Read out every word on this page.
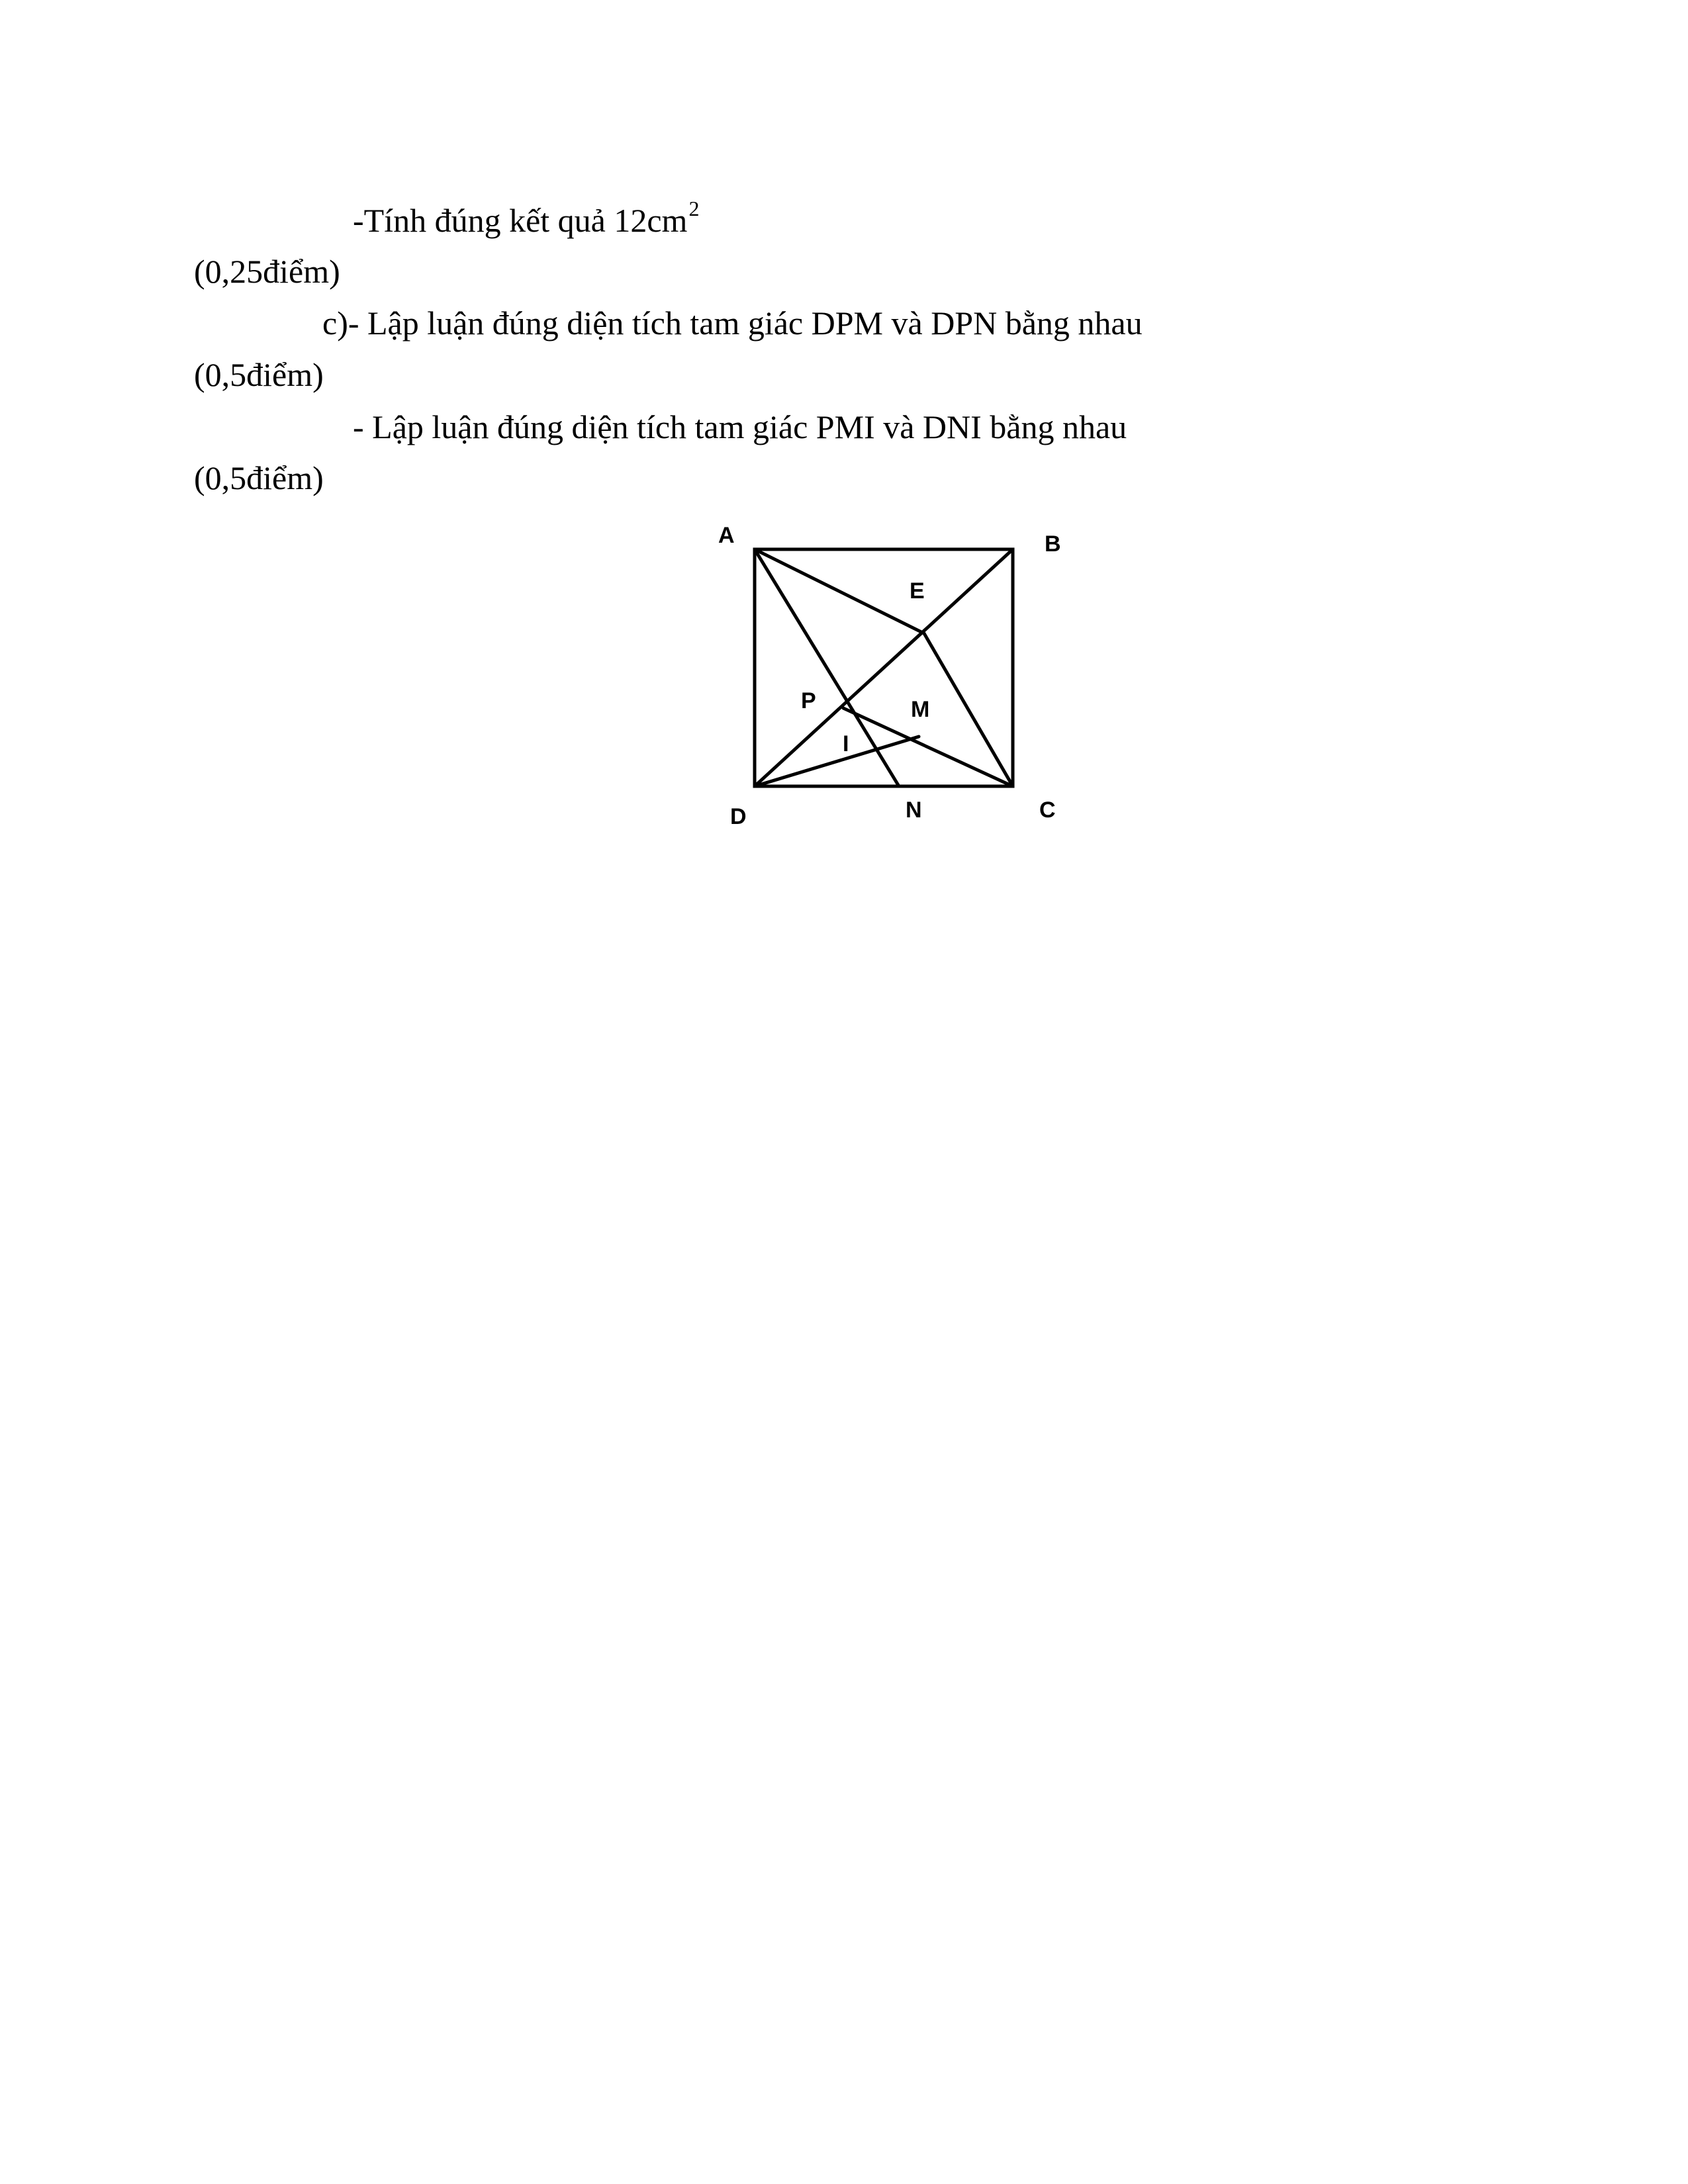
-Tính đúng kết quả $12cm^2$
(0,25điểm)
c)- Lập luận đúng diện tích tam giác DPM và DPN bằng nhau
(0,5điểm)
- Lập luận đúng diện tích tam giác PMI và DNI bằng nhau
(0,5điểm)
A	B
C
D
E
P	M
I
N
